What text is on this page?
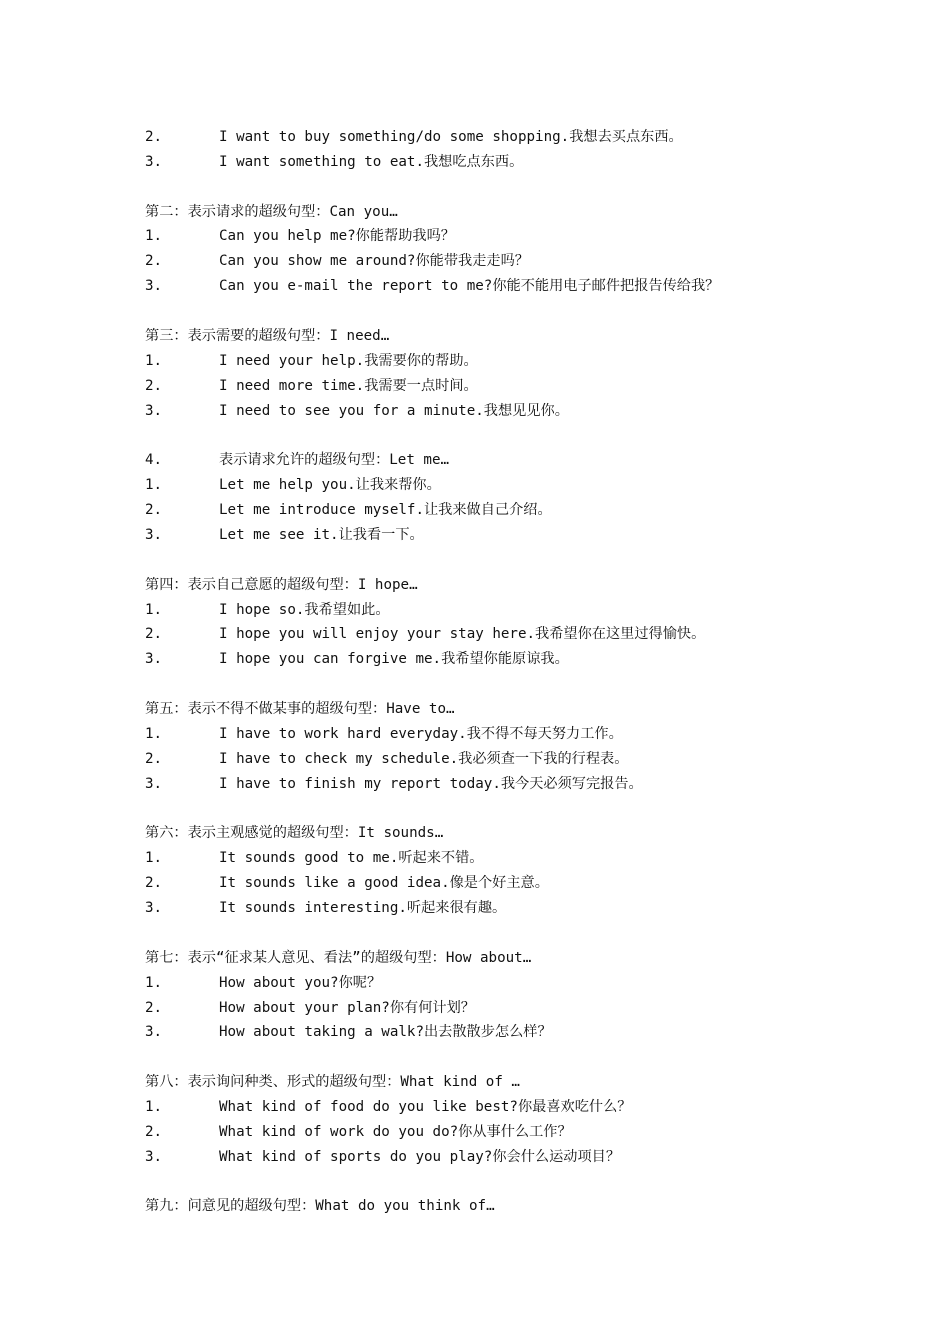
2.	I want to buy something/do some shopping.我想去买点东西。
3.	I want something to eat.我想吃点东西。
第二：表示请求的超级句型：Can you…
1.	Can you help me?你能帮助我吗？
2.	Can you show me around?你能带我走走吗？
3.	Can you e-mail the report to me?你能不能用电子邮件把报告传给我？
第三：表示需要的超级句型：I need…
1.	I need your help.我需要你的帮助。
2.	I need more time.我需要一点时间。
3.	I need to see you for a minute.我想见见你。
4.	表示请求允许的超级句型：Let me…
1.	Let me help you.让我来帮你。
2.	Let me introduce myself.让我来做自己介绍。
3.	Let me see it.让我看一下。
第四：表示自己意愿的超级句型：I hope…
1.	I hope so.我希望如此。
2.	I hope you will enjoy your stay here.我希望你在这里过得愉快。
3.	I hope you can forgive me.我希望你能原谅我。
第五：表示不得不做某事的超级句型：Have to…
1.	I have to work hard everyday.我不得不每天努力工作。
2.	I have to check my schedule.我必须查一下我的行程表。
3.	I have to finish my report today.我今天必须写完报告。
第六：表示主观感觉的超级句型：It sounds…
1.	It sounds good to me.听起来不错。
2.	It sounds like a good idea.像是个好主意。
3.	It sounds interesting.听起来很有趣。
第七：表示“征求某人意见、看法”的超级句型：How about…
1.	How about you?你呢？
2.	How about your plan?你有何计划？
3.	How about taking a walk?出去散散步怎么样？
第八：表示询问种类、形式的超级句型：What kind of …
1.	What kind of food do you like best?你最喜欢吃什么？
2.	What kind of work do you do?你从事什么工作？
3.	What kind of sports do you play?你会什么运动项目？
第九：问意见的超级句型：What do you think of…
